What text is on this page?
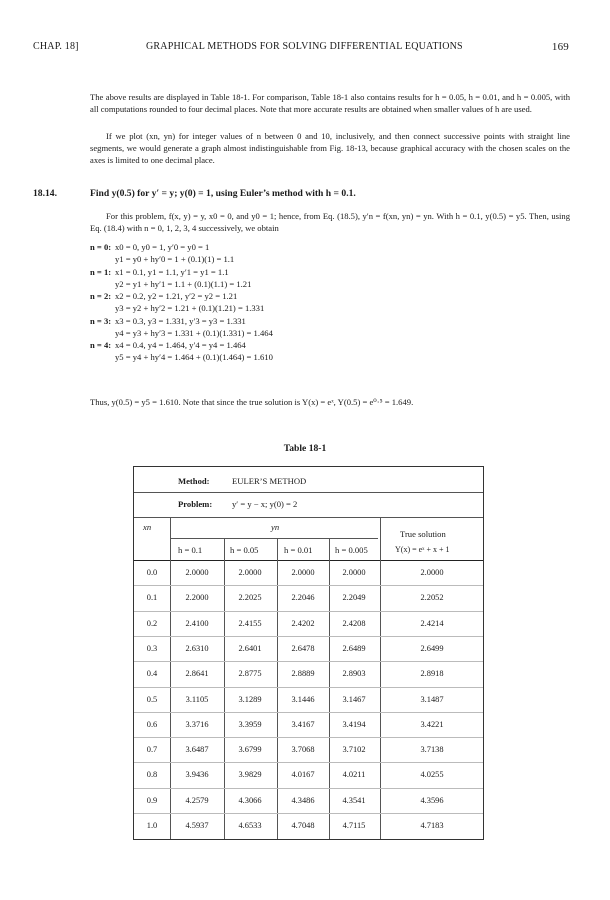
CHAP. 18]	GRAPHICAL METHODS FOR SOLVING DIFFERENTIAL EQUATIONS	169

The above results are displayed in Table 18-1. For comparison, Table 18-1 also contains results for h = 0.05, h = 0.01, and h = 0.005, with all computations rounded to four decimal places. Note that more accurate results are obtained when smaller values of h are used.

If we plot (xn, yn) for integer values of n between 0 and 10, inclusively, and then connect successive points with straight line segments, we would generate a graph almost indistinguishable from Fig. 18-13, because graphical accuracy with the chosen scales on the axes is limited to one decimal place.

18.14.	Find y(0.5) for y′ = y; y(0) = 1, using Euler’s method with h = 0.1.

For this problem, f(x, y) = y, x0 = 0, and y0 = 1; hence, from Eq. (18.5), y′n = f(xn, yn) = yn. With h = 0.1, y(0.5) = y5. Then, using Eq. (18.4) with n = 0, 1, 2, 3, 4 successively, we obtain

n = 0: x0 = 0, y0 = 1, y′0 = y0 = 1
y1 = y0 + hy′0 = 1 + (0.1)(1) = 1.1
n = 1: x1 = 0.1, y1 = 1.1, y′1 = y1 = 1.1
y2 = y1 + hy′1 = 1.1 + (0.1)(1.1) = 1.21
n = 2: x2 = 0.2, y2 = 1.21, y′2 = y2 = 1.21
y3 = y2 + hy′2 = 1.21 + (0.1)(1.21) = 1.331
n = 3: x3 = 0.3, y3 = 1.331, y′3 = y3 = 1.331
y4 = y3 + hy′3 = 1.331 + (0.1)(1.331) = 1.464
n = 4: x4 = 0.4, y4 = 1.464, y′4 = y4 = 1.464
y5 = y4 + hy′4 = 1.464 + (0.1)(1.464) = 1.610

Thus, y(0.5) = y5 = 1.610. Note that since the true solution is Y(x) = eˣ, Y(0.5) = e⁰·⁵ = 1.649.

Table 18-1
Method:	EULER’S METHOD
Problem: y′ = y − x; y(0) = 2
xn	yn
True solution
Y(x) = eˣ + x + 1
h = 0.1	h = 0.05	h = 0.01	h = 0.005
0.0	2.0000	2.0000	2.0000	2.0000	2.0000
0.1	2.2000	2.2025	2.2046	2.2049	2.2052
0.2	2.4100	2.4155	2.4202	2.4208	2.4214
0.3	2.6310	2.6401	2.6478	2.6489	2.6499
0.4	2.8641	2.8775	2.8889	2.8903	2.8918
0.5	3.1105	3.1289	3.1446	3.1467	3.1487
0.6	3.3716	3.3959	3.4167	3.4194	3.4221
0.7	3.6487	3.6799	3.7068	3.7102	3.7138
0.8	3.9436	3.9829	4.0167	4.0211	4.0255
0.9	4.2579	4.3066	4.3486	4.3541	4.3596
1.0	4.5937	4.6533	4.7048	4.7115	4.7183
